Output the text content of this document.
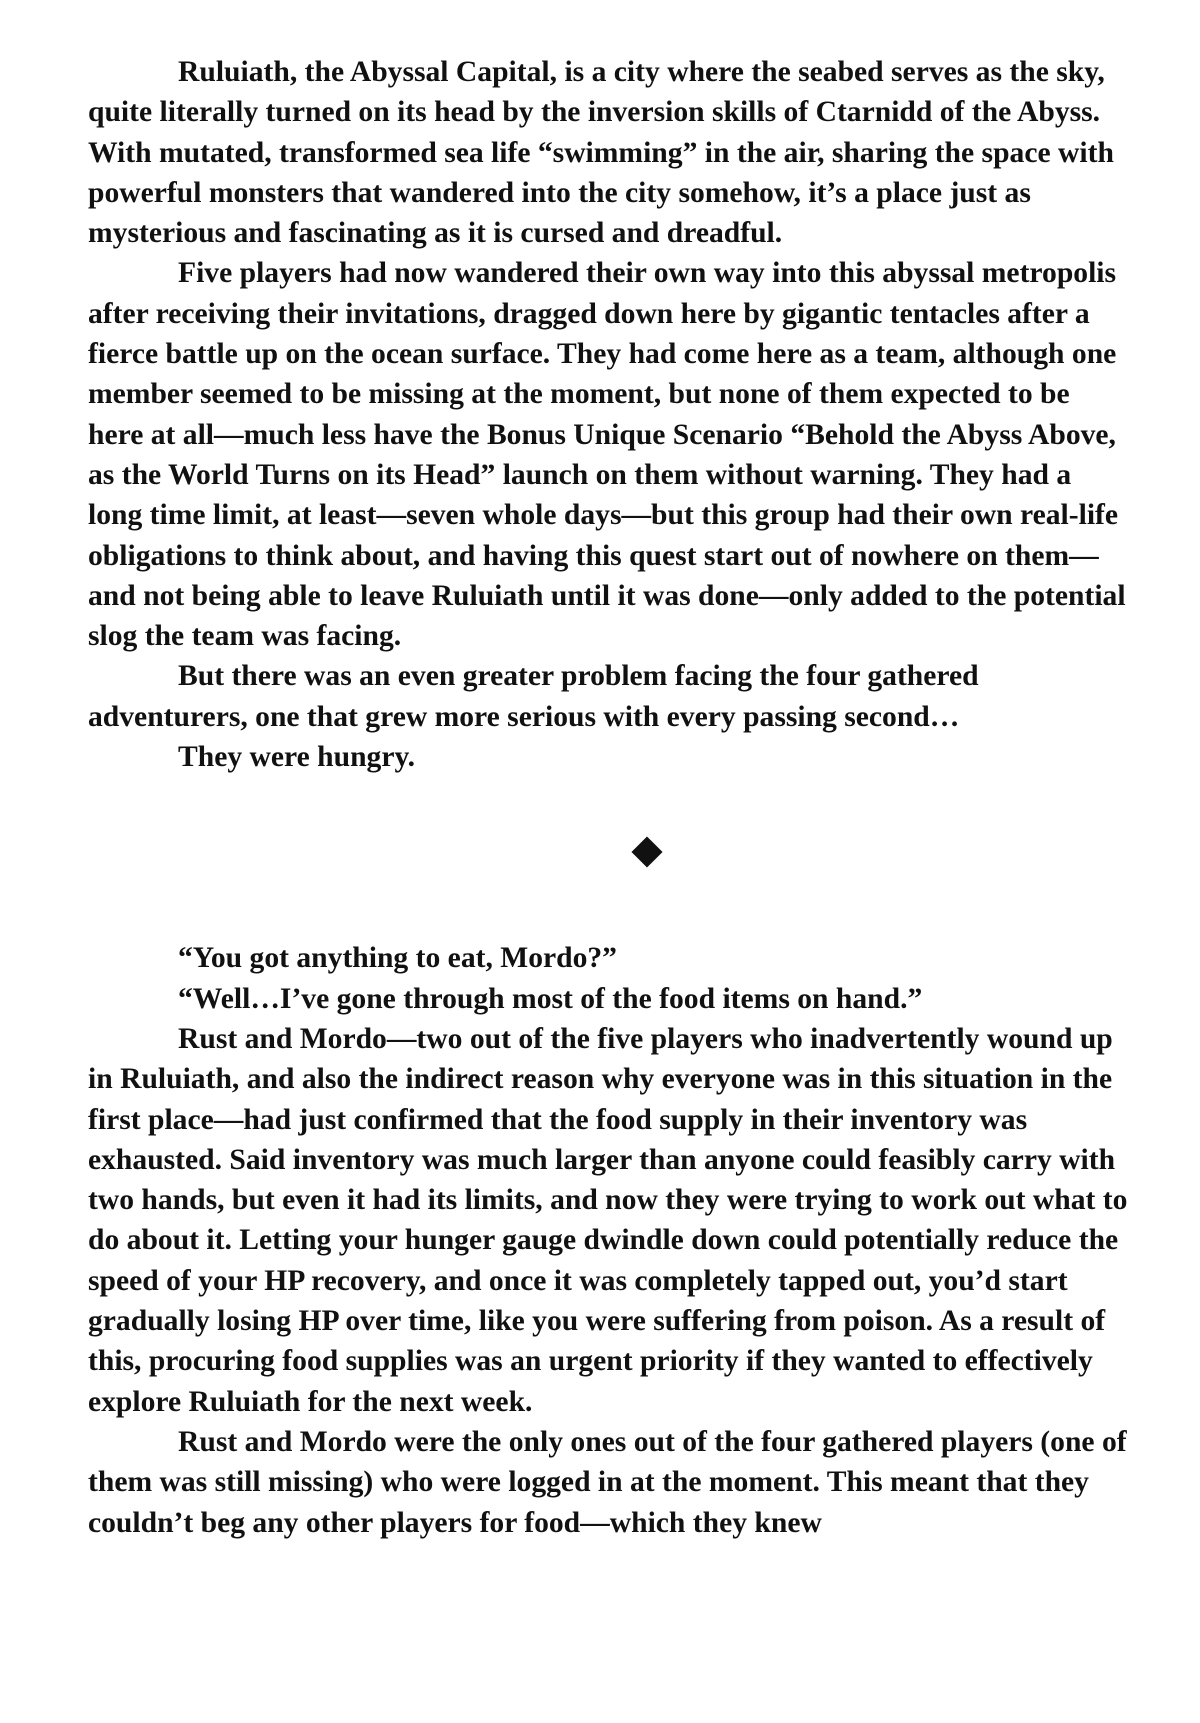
Ruluiath, the Abyssal Capital, is a city where the seabed serves as the sky, quite literally turned on its head by the inversion skills of Ctarnidd of the Abyss. With mutated, transformed sea life “swimming” in the air, sharing the space with powerful monsters that wandered into the city somehow, it’s a place just as mysterious and fascinating as it is cursed and dreadful.

Five players had now wandered their own way into this abyssal metropolis after receiving their invitations, dragged down here by gigantic tentacles after a fierce battle up on the ocean surface. They had come here as a team, although one member seemed to be missing at the moment, but none of them expected to be here at all—much less have the Bonus Unique Scenario “Behold the Abyss Above, as the World Turns on its Head” launch on them without warning. They had a long time limit, at least—seven whole days—but this group had their own real-life obligations to think about, and having this quest start out of nowhere on them—and not being able to leave Ruluiath until it was done—only added to the potential slog the team was facing.

But there was an even greater problem facing the four gathered adventurers, one that grew more serious with every passing second…

They were hungry.

“You got anything to eat, Mordo?”

“Well…I’ve gone through most of the food items on hand.”

Rust and Mordo—two out of the five players who inadvertently wound up in Ruluiath, and also the indirect reason why everyone was in this situation in the first place—had just confirmed that the food supply in their inventory was exhausted. Said inventory was much larger than anyone could feasibly carry with two hands, but even it had its limits, and now they were trying to work out what to do about it. Letting your hunger gauge dwindle down could potentially reduce the speed of your HP recovery, and once it was completely tapped out, you’d start gradually losing HP over time, like you were suffering from poison. As a result of this, procuring food supplies was an urgent priority if they wanted to effectively explore Ruluiath for the next week.

Rust and Mordo were the only ones out of the four gathered players (one of them was still missing) who were logged in at the moment. This meant that they couldn’t beg any other players for food—which they knew
